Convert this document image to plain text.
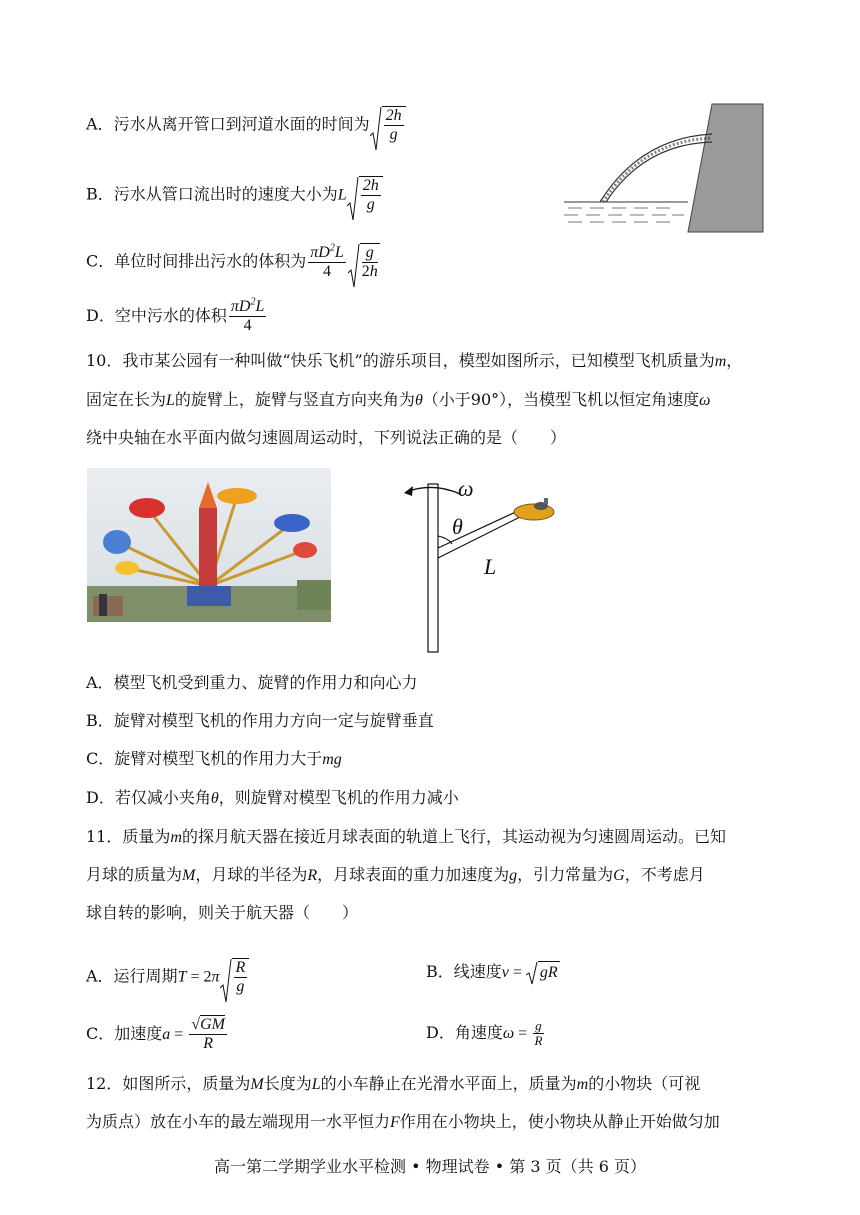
A．污水从离开管口到河道水面的时间为 $\frac{2h}{g}$
B．污水从管口流出时的速度大小为L $\frac{2h}{g}$
C．单位时间排出污水的体积为 $\frac{\pi D^2L}{4} \frac{g}{2h}$
D．空中污水的体积 $\frac{\pi D^2L}{4}$
10．我市某公园有一种叫做“快乐飞机”的游乐项目，模型如图所示，已知模型飞机质量为m，
固定在长为L的旋臂上，旋臂与竖直方向夹角为θ（小于90°），当模型飞机以恒定角速度ω
绕中央轴在水平面内做匀速圆周运动时，下列说法正确的是（　　）
ω
θ
L
A．模型飞机受到重力、旋臂的作用力和向心力
B．旋臂对模型飞机的作用力方向一定与旋臂垂直
C．旋臂对模型飞机的作用力大于mg
D．若仅减小夹角θ，则旋臂对模型飞机的作用力减小
11．质量为m的探月航天器在接近月球表面的轨道上飞行，其运动视为匀速圆周运动。已知
月球的质量为M，月球的半径为R，月球表面的重力加速度为g，引力常量为G，不考虑月
球自转的影响，则关于航天器（　　）
A．运行周期$T = 2\pi \frac{R}{g}$	B．线速度v =
gR
C．加速度$a = \frac{√GM}{R}$	D．角速度$\omega = \frac{g}{R}$
12．如图所示，质量为M长度为L的小车静止在光滑水平面上，质量为m的小物块（可视
为质点）放在小车的最左端现用一水平恒力F作用在小物块上，使小物块从静止开始做匀加
高一第二学期学业水平检测 • 物理试卷 • 第 3 页（共 6 页）
